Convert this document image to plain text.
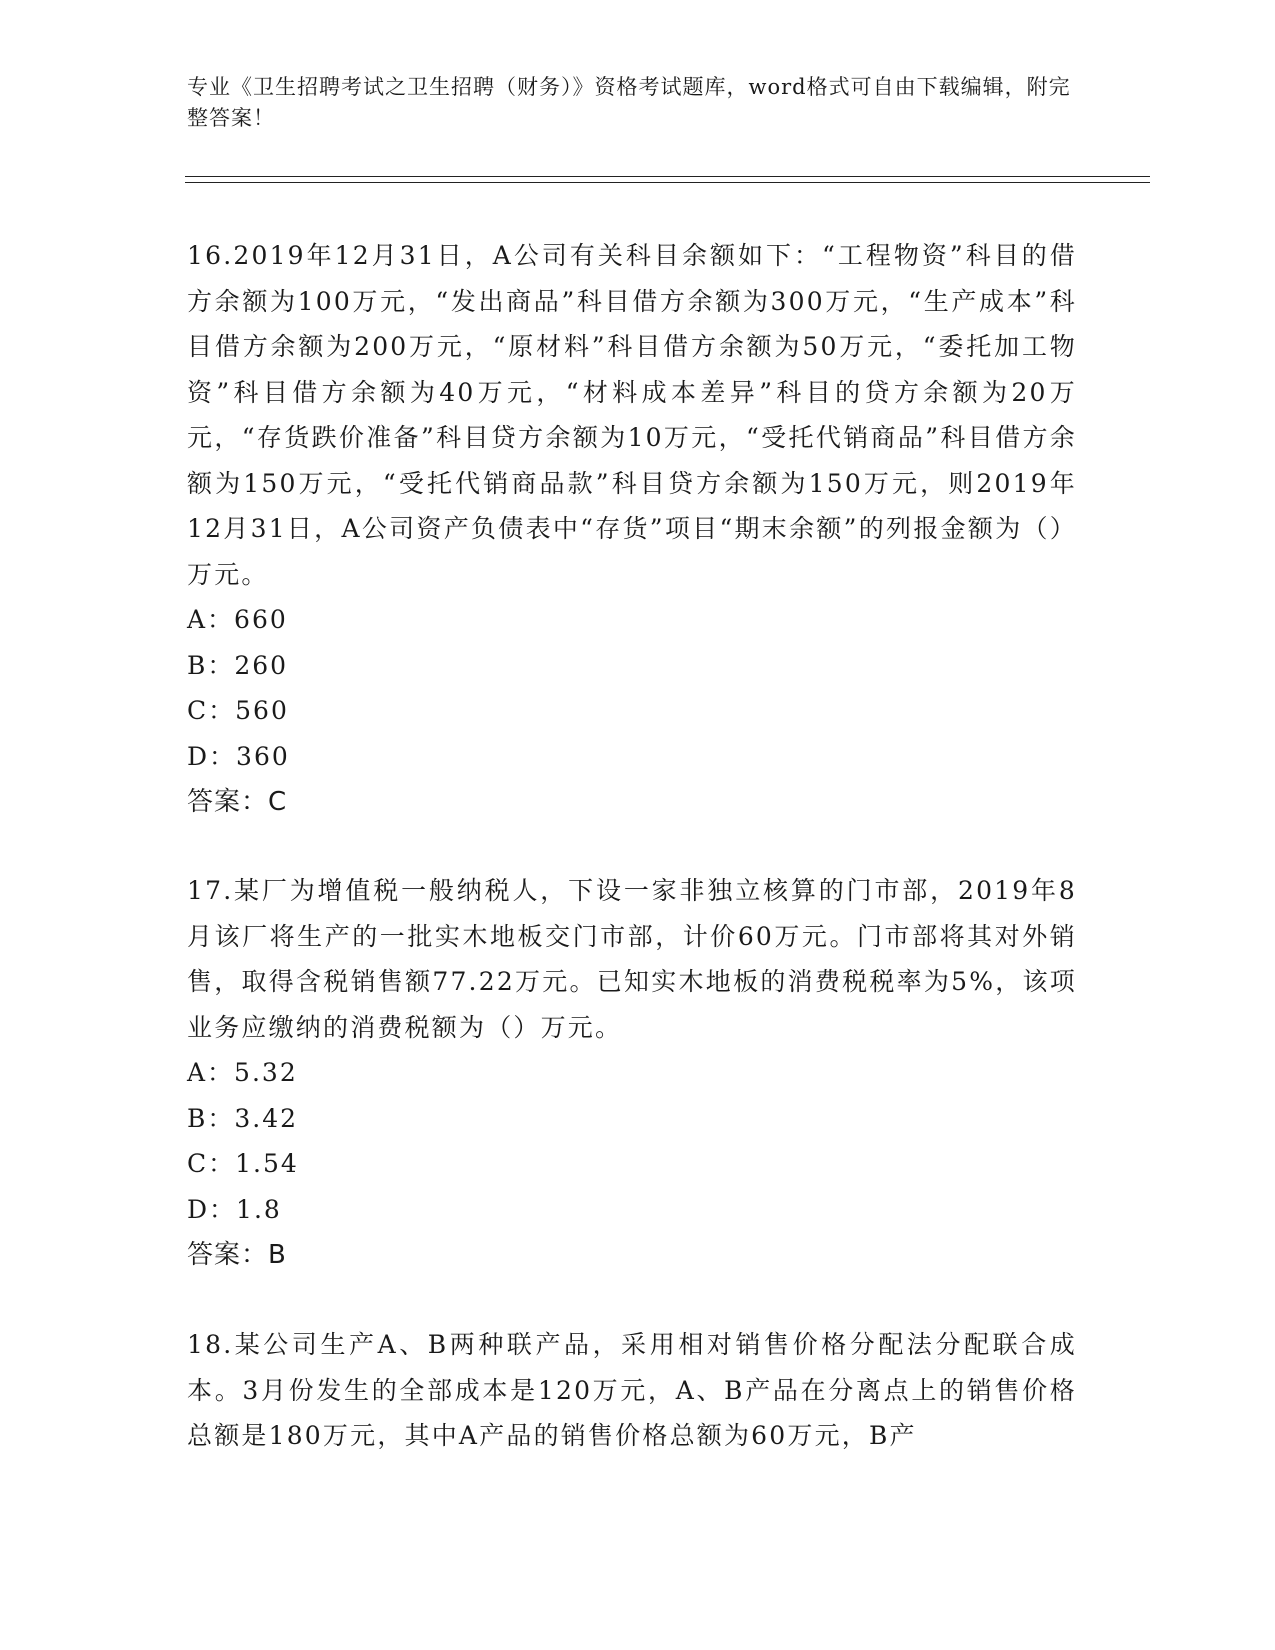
专业《卫生招聘考试之卫生招聘（财务）》资格考试题库，word格式可自由下载编辑，附完整答案！
16.2019年12月31日，A公司有关科目余额如下：“工程物资”科目的借方余额为100万元，“发出商品”科目借方余额为300万元，“生产成本”科目借方余额为200万元，“原材料”科目借方余额为50万元，“委托加工物资”科目借方余额为40万元，“材料成本差异”科目的贷方余额为20万元，“存货跌价准备”科目贷方余额为10万元，“受托代销商品”科目借方余额为150万元，“受托代销商品款”科目贷方余额为150万元，则2019年12月31日，A公司资产负债表中“存货”项目“期末余额”的列报金额为（）万元。
A：660
B：260
C：560
D：360
答案：C
17.某厂为增值税一般纳税人，下设一家非独立核算的门市部，2019年8月该厂将生产的一批实木地板交门市部，计价60万元。门市部将其对外销售，取得含税销售额77.22万元。已知实木地板的消费税税率为5%，该项业务应缴纳的消费税额为（）万元。
A：5.32
B：3.42
C：1.54
D：1.8
答案：B
18.某公司生产A、B两种联产品，采用相对销售价格分配法分配联合成本。3月份发生的全部成本是120万元，A、B产品在分离点上的销售价格总额是180万元，其中A产品的销售价格总额为60万元，B产
